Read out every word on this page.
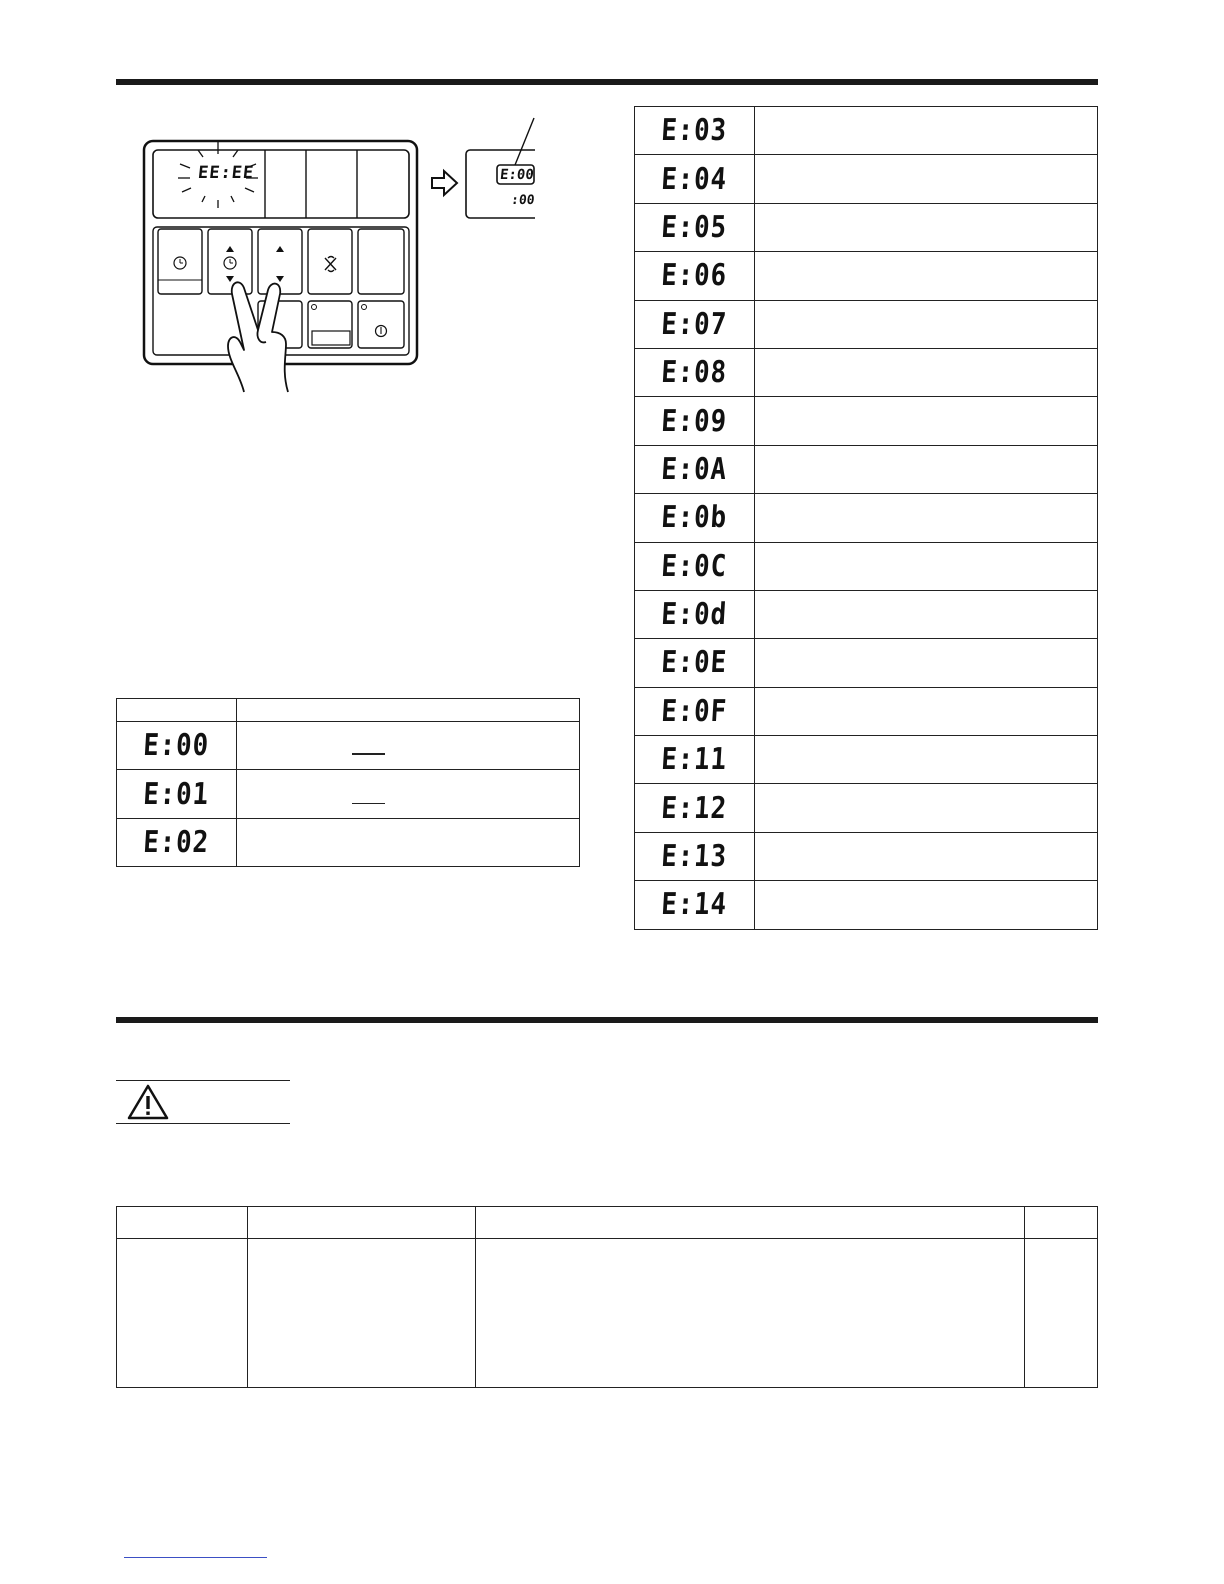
EE:EE	E:00
:00

E:00	

E:01	

E:02	
E:03	
E:04	
E:05	
E:06	
E:07	
E:08	
E:09	
E:0A	
E:0b	
E:0C	
E:0d	
E:0E	
E:0F	
E:11	
E:12	
E:13	
E:14	
